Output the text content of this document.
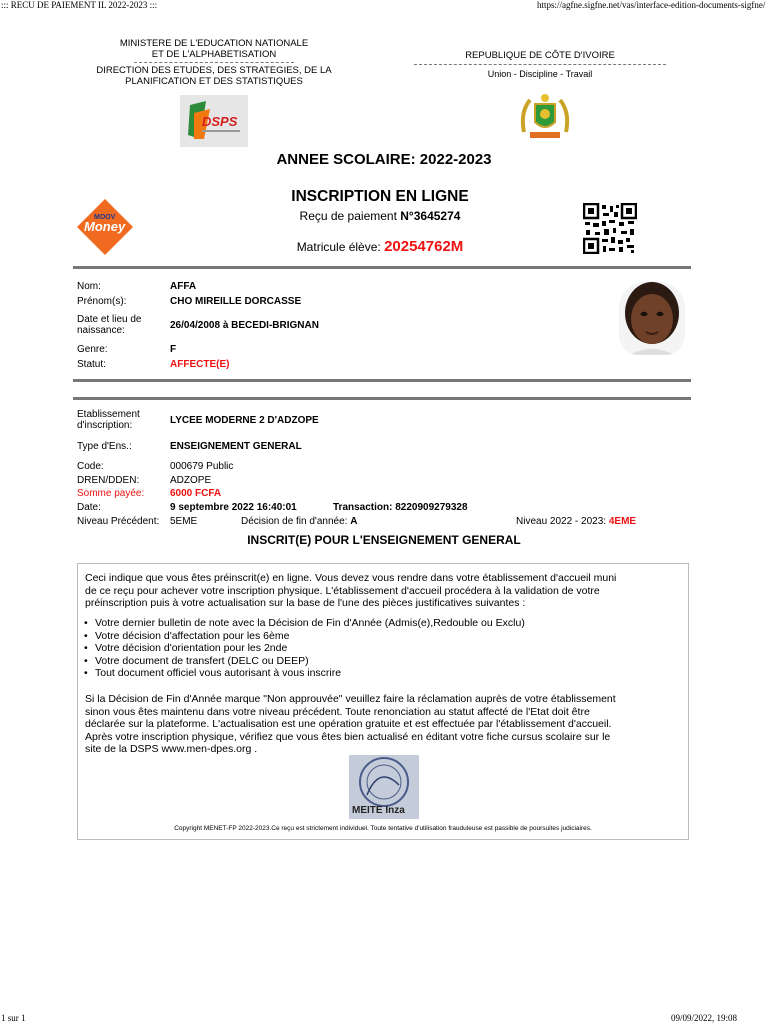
::: RECU DE PAIEMENT IL 2022-2023 :::	https://agfne.sigfne.net/vas/interface-edition-documents-sigfne/
1 sur 1	09/09/2022, 19:08
MINISTERE DE L'EDUCATION NATIONALE
ET DE L'ALPHABETISATION
DIRECTION DES ETUDES, DES STRATEGIES, DE LA
PLANIFICATION ET DES STATISTIQUES
REPUBLIQUE DE CÔTE D'IVOIRE
Union - Discipline - Travail
DSPS
ANNEE SCOLAIRE: 2022-2023
INSCRIPTION EN LIGNE
Reçu de paiement N°3645274
Matricule élève: 20254762M
MOOV
Money
Nom:	AFFA
Prénom(s):	CHO MIREILLE DORCASSE
Date et lieu de
naissance:	26/04/2008 à BECEDI-BRIGNAN
Genre:	F
Statut:	AFFECTE(E)
Etablissement
d'inscription:	LYCEE MODERNE 2 D'ADZOPE
Type d'Ens.:	ENSEIGNEMENT GENERAL
Code:	000679 Public
DREN/DDEN:	ADZOPE
Somme payée:	6000 FCFA
Date:	9 septembre 2022 16:40:01	Transaction: 8220909279328
Niveau Précédent: 5EME	Décision de fin d'année: A	Niveau 2022 - 2023: 4EME
INSCRIT(E) POUR L'ENSEIGNEMENT GENERAL
Ceci indique que vous êtes préinscrit(e) en ligne. Vous devez vous rendre dans votre établissement d'accueil muni
de ce reçu pour achever votre inscription physique. L'établissement d'accueil procédera à la validation de votre
préinscription puis à votre actualisation sur la base de l'une des pièces justificatives suivantes :
• Votre dernier bulletin de note avec la Décision de Fin d'Année (Admis(e),Redouble ou Exclu)
• Votre décision d'affectation pour les 6ème
• Votre décision d'orientation pour les 2nde
• Votre document de transfert (DELC ou DEEP)
• Tout document officiel vous autorisant à vous inscrire
Si la Décision de Fin d'Année marque "Non approuvée" veuillez faire la réclamation auprès de votre établissement
sinon vous êtes maintenu dans votre niveau précédent. Toute renonciation au statut affecté de l'Etat doit être
déclarée sur la plateforme. L'actualisation est une opération gratuite et est effectuée par l'établissement d'accueil.
Après votre inscription physique, vérifiez que vous êtes bien actualisé en éditant votre fiche cursus scolaire sur le
site de la DSPS www.men-dpes.org .
MEITE Inza
Copyright MENET-FP 2022-2023.Ce reçu est strictement individuel. Toute tentative d'utilisation frauduleuse est passible de poursuites judiciaires.
